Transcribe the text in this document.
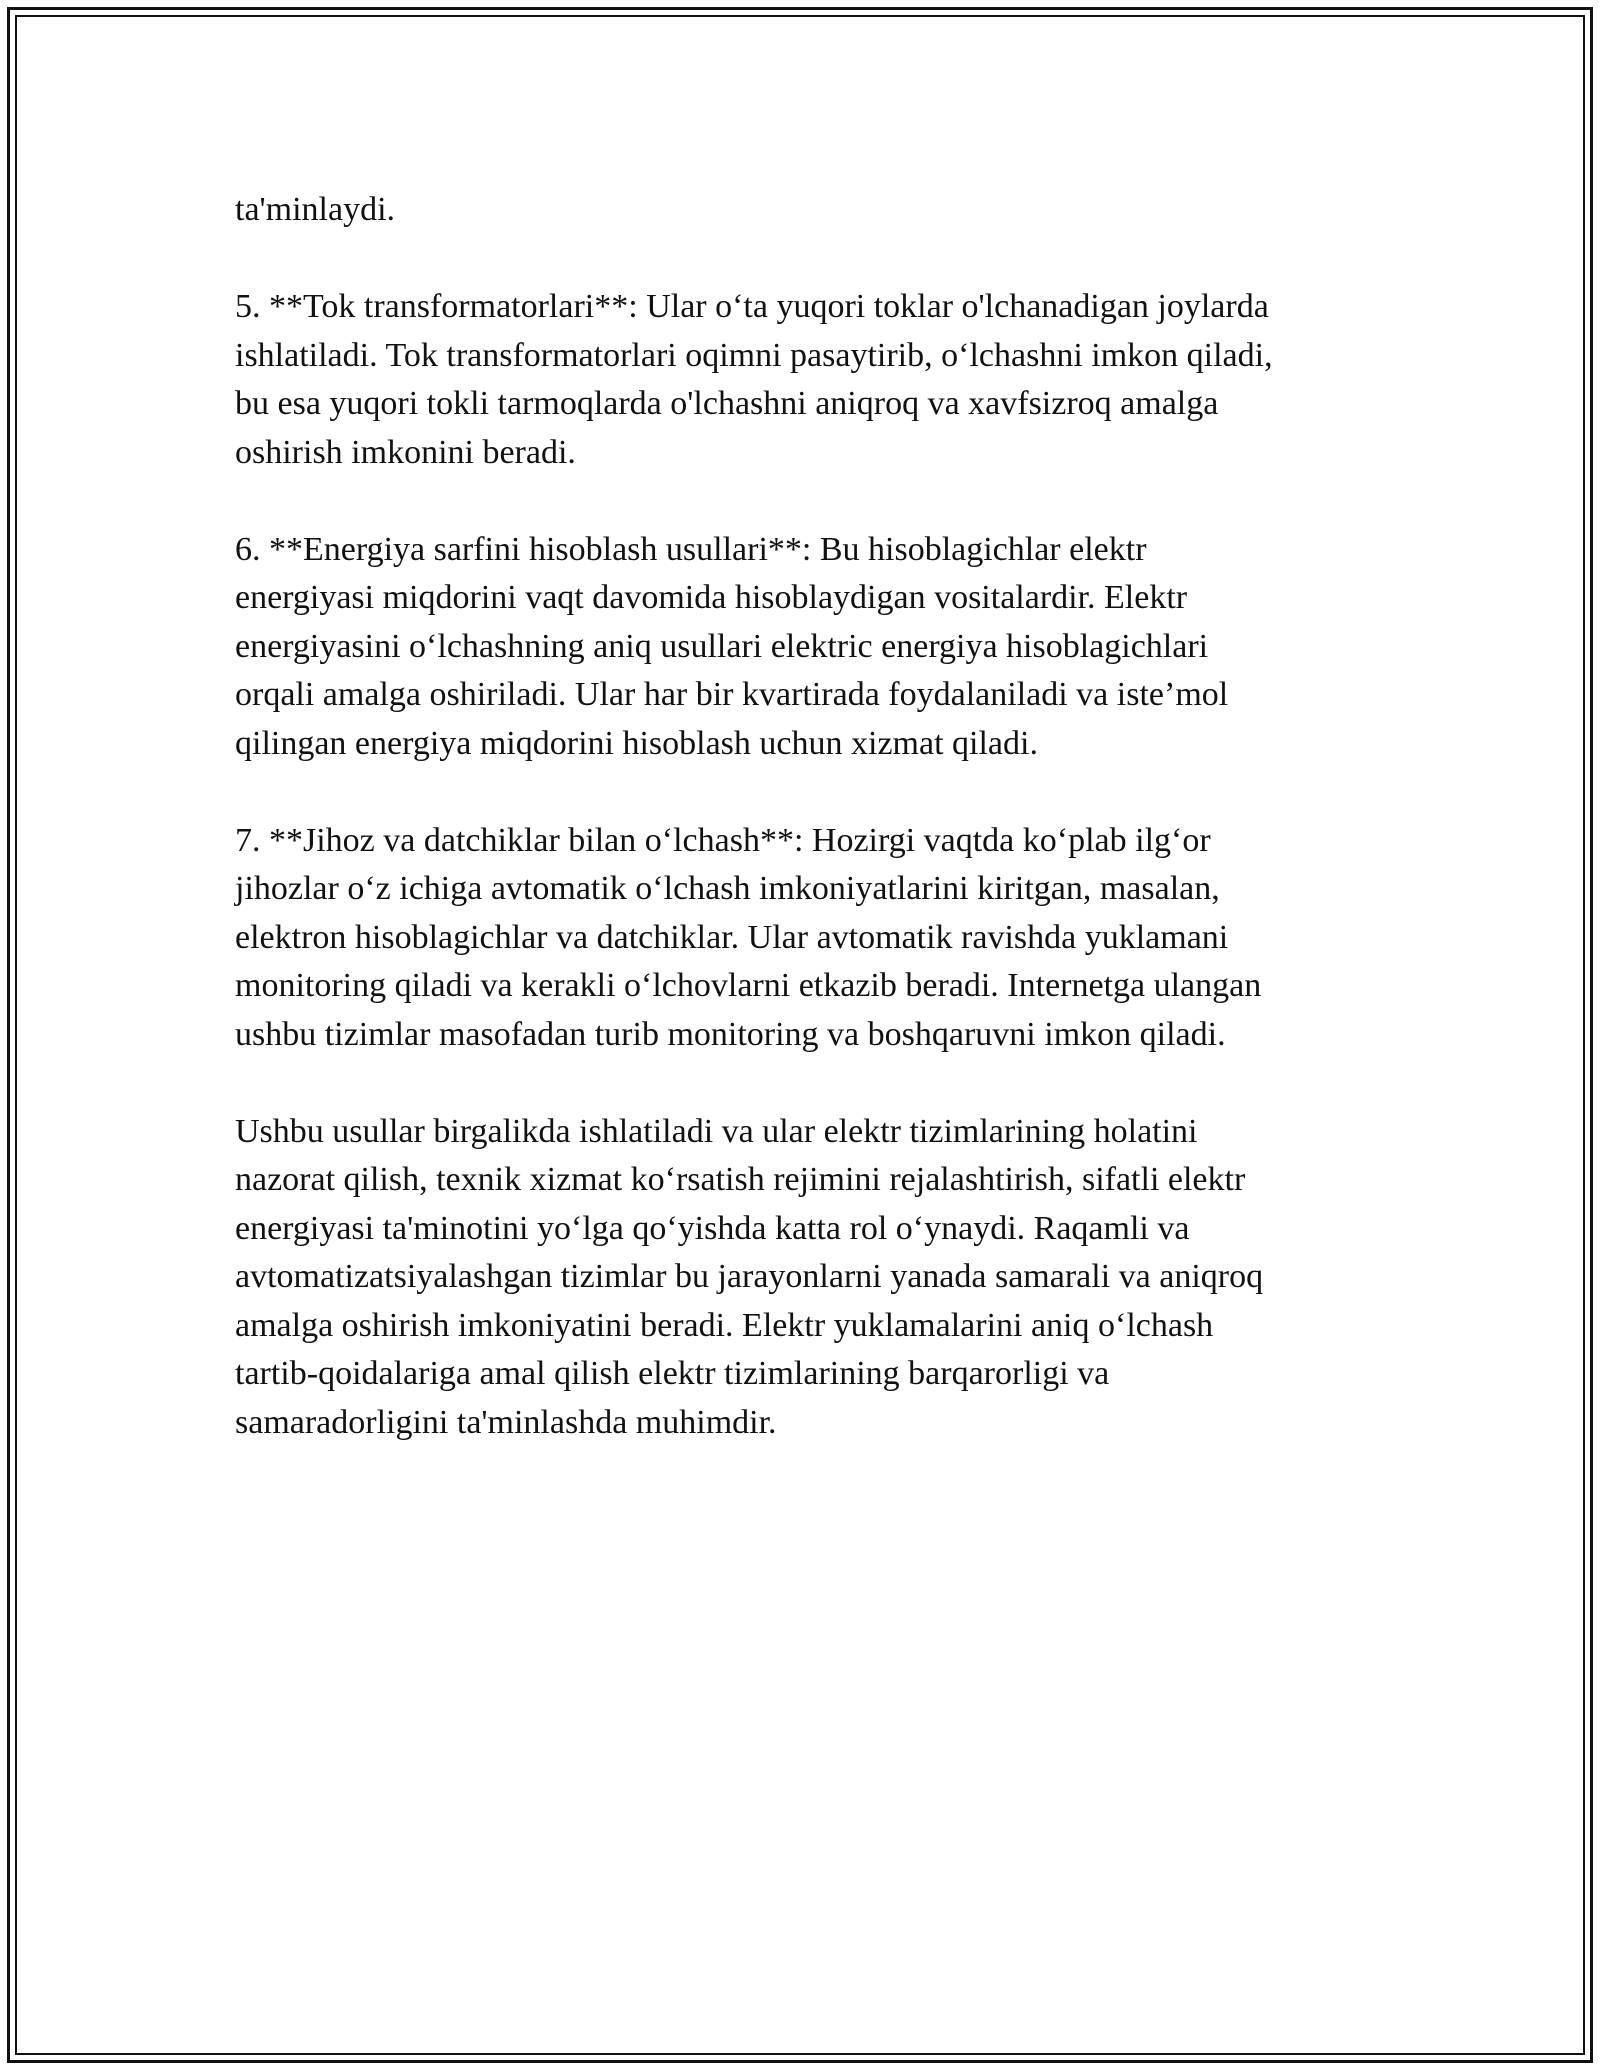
ta'minlaydi.

5. **Tok transformatorlari**: Ular o‘ta yuqori toklar o'lchanadigan joylarda
ishlatiladi. Tok transformatorlari oqimni pasaytirib, o‘lchashni imkon qiladi,
bu esa yuqori tokli tarmoqlarda o'lchashni aniqroq va xavfsizroq amalga
oshirish imkonini beradi.

6. **Energiya sarfini hisoblash usullari**: Bu hisoblagichlar elektr
energiyasi miqdorini vaqt davomida hisoblaydigan vositalardir. Elektr
energiyasini o‘lchashning aniq usullari elektric energiya hisoblagichlari
orqali amalga oshiriladi. Ular har bir kvartirada foydalaniladi va iste’mol
qilingan energiya miqdorini hisoblash uchun xizmat qiladi.

7. **Jihoz va datchiklar bilan o‘lchash**: Hozirgi vaqtda ko‘plab ilg‘or
jihozlar o‘z ichiga avtomatik o‘lchash imkoniyatlarini kiritgan, masalan,
elektron hisoblagichlar va datchiklar. Ular avtomatik ravishda yuklamani
monitoring qiladi va kerakli o‘lchovlarni etkazib beradi. Internetga ulangan
ushbu tizimlar masofadan turib monitoring va boshqaruvni imkon qiladi.

Ushbu usullar birgalikda ishlatiladi va ular elektr tizimlarining holatini
nazorat qilish, texnik xizmat ko‘rsatish rejimini rejalashtirish, sifatli elektr
energiyasi ta'minotini yo‘lga qo‘yishda katta rol o‘ynaydi. Raqamli va
avtomatizatsiyalashgan tizimlar bu jarayonlarni yanada samarali va aniqroq
amalga oshirish imkoniyatini beradi. Elektr yuklamalarini aniq o‘lchash
tartib-qoidalariga amal qilish elektr tizimlarining barqarorligi va
samaradorligini ta'minlashda muhimdir.
